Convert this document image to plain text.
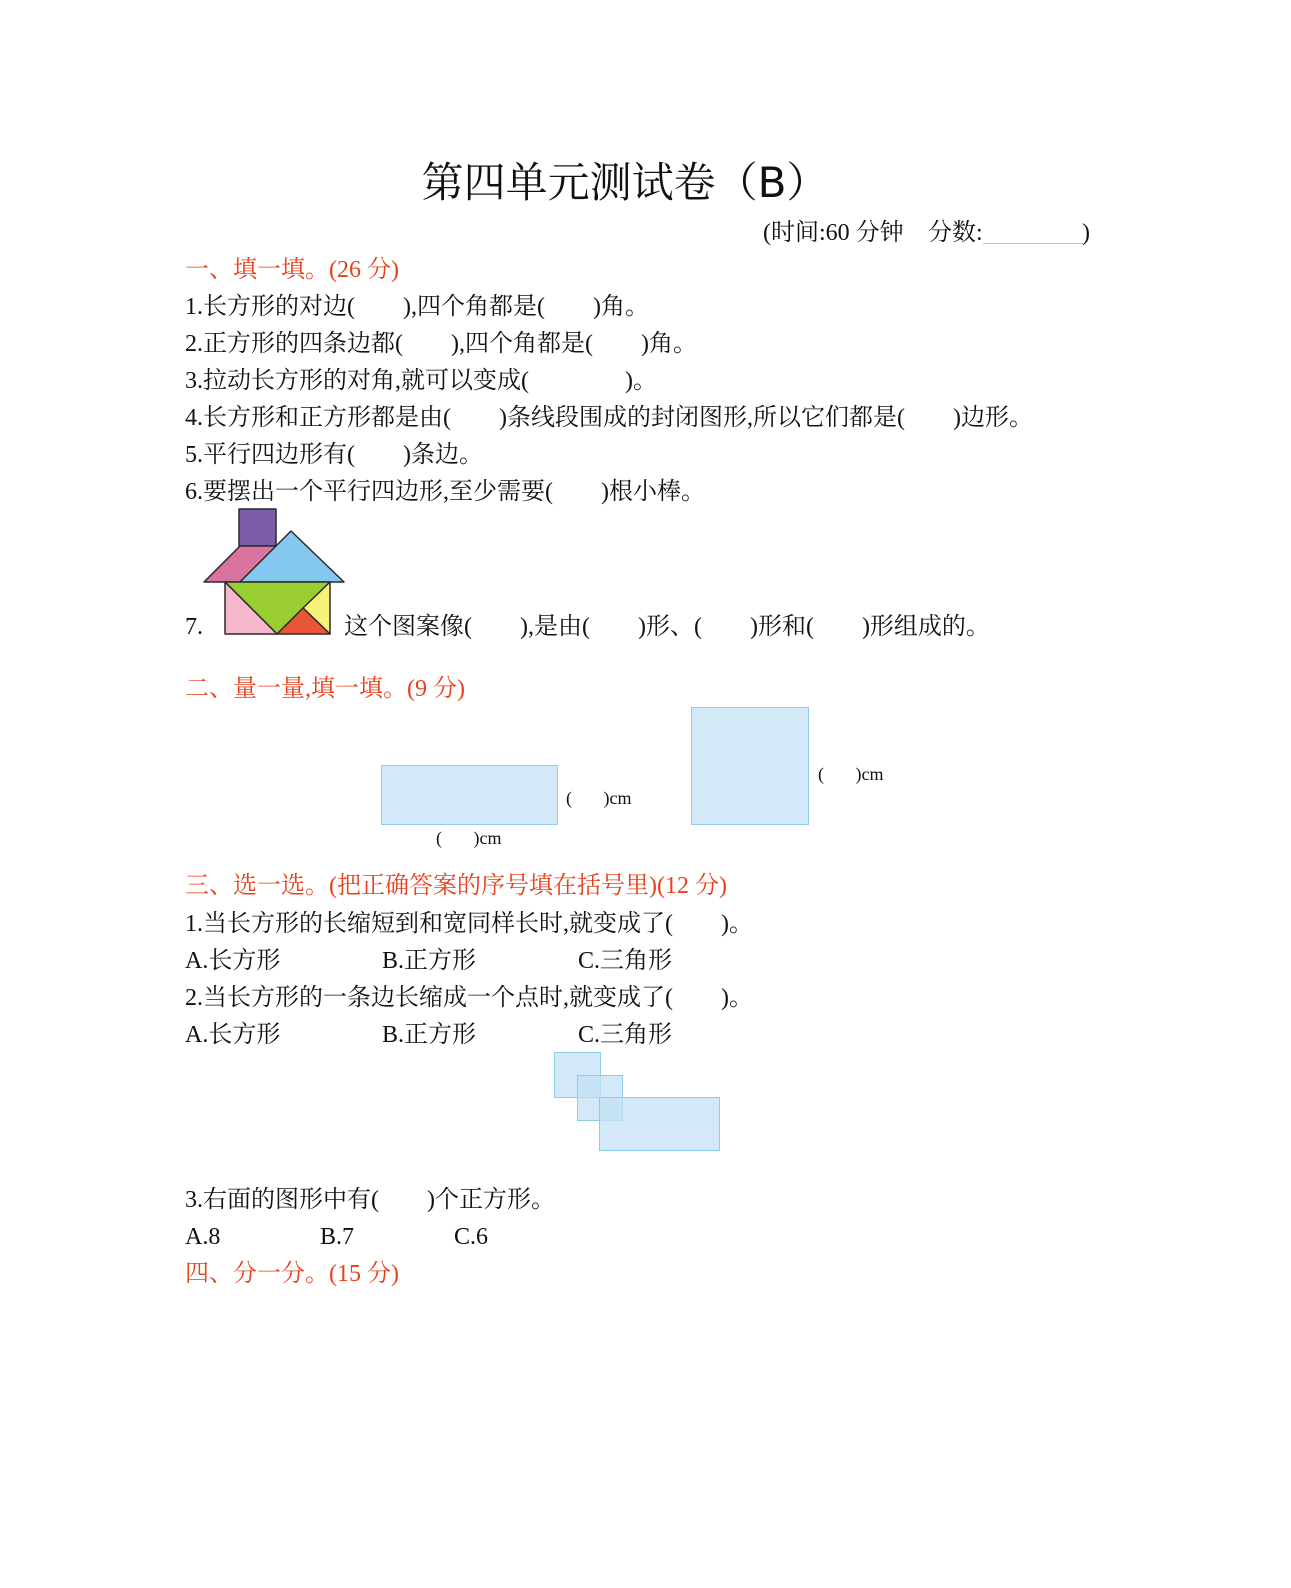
第四单元测试卷（B）
(时间:60 分钟 分数:	)
一、填一填。(26 分)
1.长方形的对边(        ),四个角都是(        )角。
2.正方形的四条边都(        ),四个角都是(        )角。
3.拉动长方形的对角,就可以变成(                )。
4.长方形和正方形都是由(        )条线段围成的封闭图形,所以它们都是(        )边形。
5.平行四边形有(        )条边。
6.要摆出一个平行四边形,至少需要(        )根小棒。
7.	这个图案像(        ),是由(        )形、(        )形和(        )形组成的。
二、量一量,填一填。(9 分)
(       )cm
(       )cm
(       )cm
三、选一选。(把正确答案的序号填在括号里)(12 分)
1.当长方形的长缩短到和宽同样长时,就变成了(        )。
A.长方形	B.正方形	C.三角形
2.当长方形的一条边长缩成一个点时,就变成了(        )。
A.长方形	B.正方形	C.三角形
3.右面的图形中有(        )个正方形。
A.8	B.7	C.6
四、分一分。(15 分)
